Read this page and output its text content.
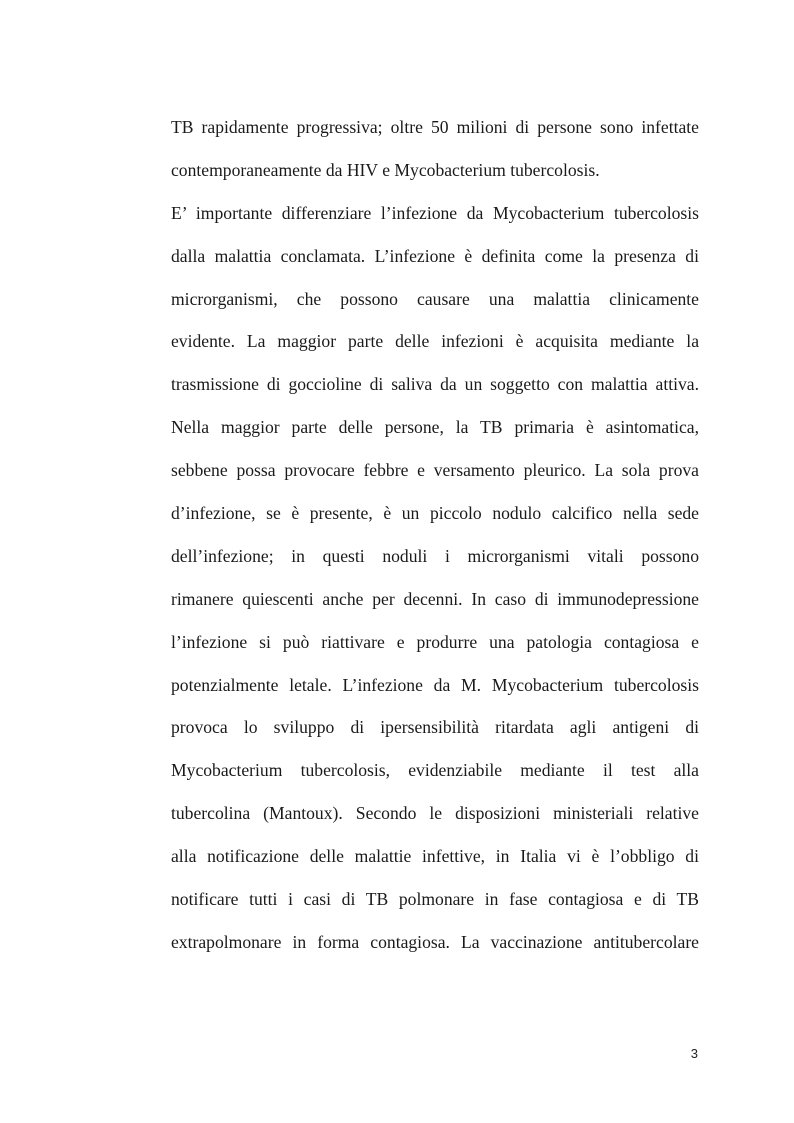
TB rapidamente progressiva; oltre 50 milioni di persone sono infettate
contemporaneamente da HIV e Mycobacterium tubercolosis.
E’ importante differenziare l’infezione da Mycobacterium tubercolosis
dalla malattia conclamata. L’infezione è definita come la presenza di
microrganismi, che possono causare una malattia clinicamente
evidente. La maggior parte delle infezioni è acquisita mediante la
trasmissione di goccioline di saliva da un soggetto con malattia attiva.
Nella maggior parte delle persone, la TB primaria è asintomatica,
sebbene possa provocare febbre e versamento pleurico. La sola prova
d’infezione, se è presente, è un piccolo nodulo calcifico nella sede
dell’infezione; in questi noduli i microrganismi vitali possono
rimanere quiescenti anche per decenni. In caso di immunodepressione
l’infezione si può riattivare e produrre una patologia contagiosa e
potenzialmente letale. L’infezione da M. Mycobacterium tubercolosis
provoca lo sviluppo di ipersensibilità ritardata agli antigeni di
Mycobacterium tubercolosis, evidenziabile mediante il test alla
tubercolina (Mantoux). Secondo le disposizioni ministeriali relative
alla notificazione delle malattie infettive, in Italia vi è l’obbligo di
notificare tutti i casi di TB polmonare in fase contagiosa e di TB
extrapolmonare in forma contagiosa. La vaccinazione antitubercolare
3
